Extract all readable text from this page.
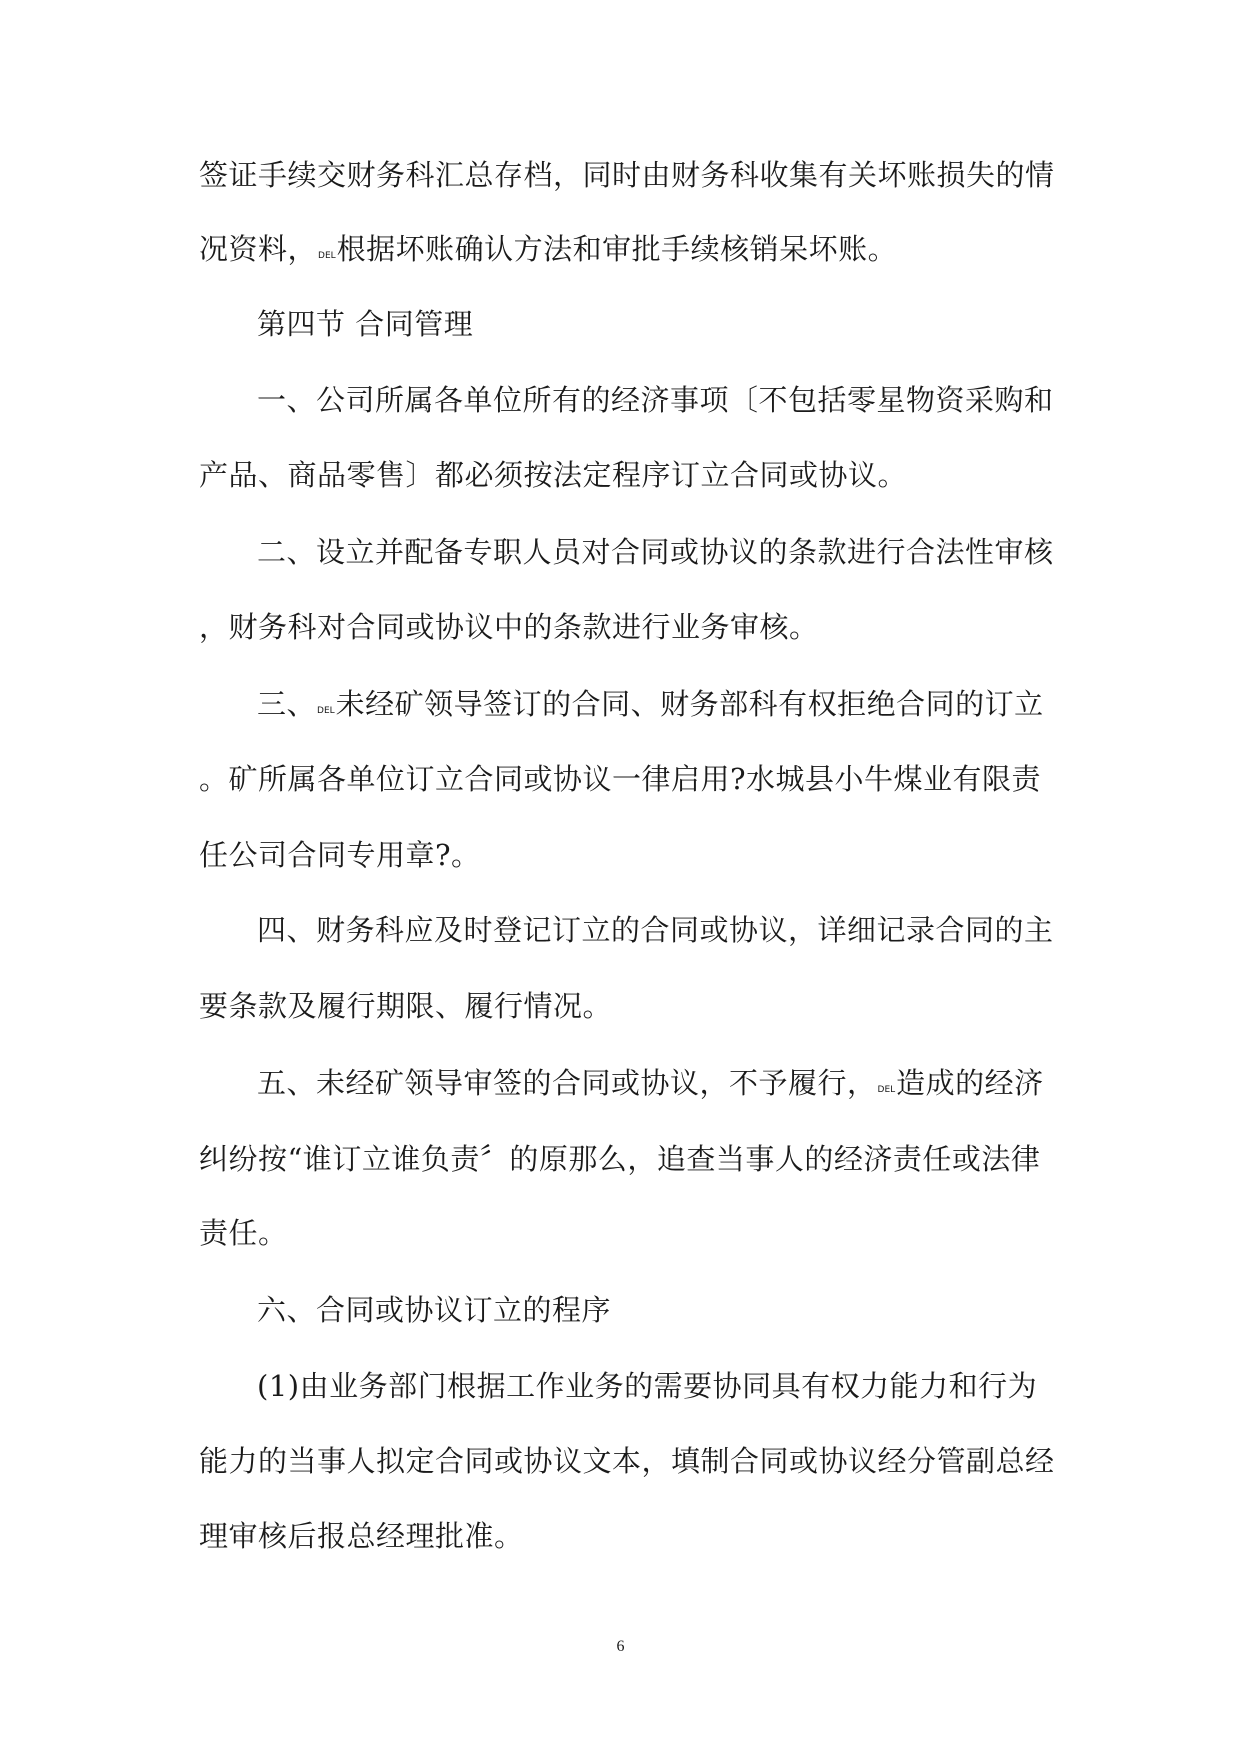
签证手续交财务科汇总存档，同时由财务科收集有关坏账损失的情
况资料，DEL根据坏账确认方法和审批手续核销呆坏账。
第四节 合同管理
一、公司所属各单位所有的经济事项〔不包括零星物资采购和
产品、商品零售〕都必须按法定程序订立合同或协议。
二、设立并配备专职人员对合同或协议的条款进行合法性审核
，财务科对合同或协议中的条款进行业务审核。
三、DEL未经矿领导签订的合同、财务部科有权拒绝合同的订立
。矿所属各单位订立合同或协议一律启用?水城县小牛煤业有限责
任公司合同专用章?。
四、财务科应及时登记订立的合同或协议，详细记录合同的主
要条款及履行期限、履行情况。
五、未经矿领导审签的合同或协议，不予履行，DEL造成的经济
纠纷按“谁订立谁负责〞的原那么，追查当事人的经济责任或法律
责任。
六、合同或协议订立的程序
(1)由业务部门根据工作业务的需要协同具有权力能力和行为
能力的当事人拟定合同或协议文本，填制合同或协议经分管副总经
理审核后报总经理批准。
6
